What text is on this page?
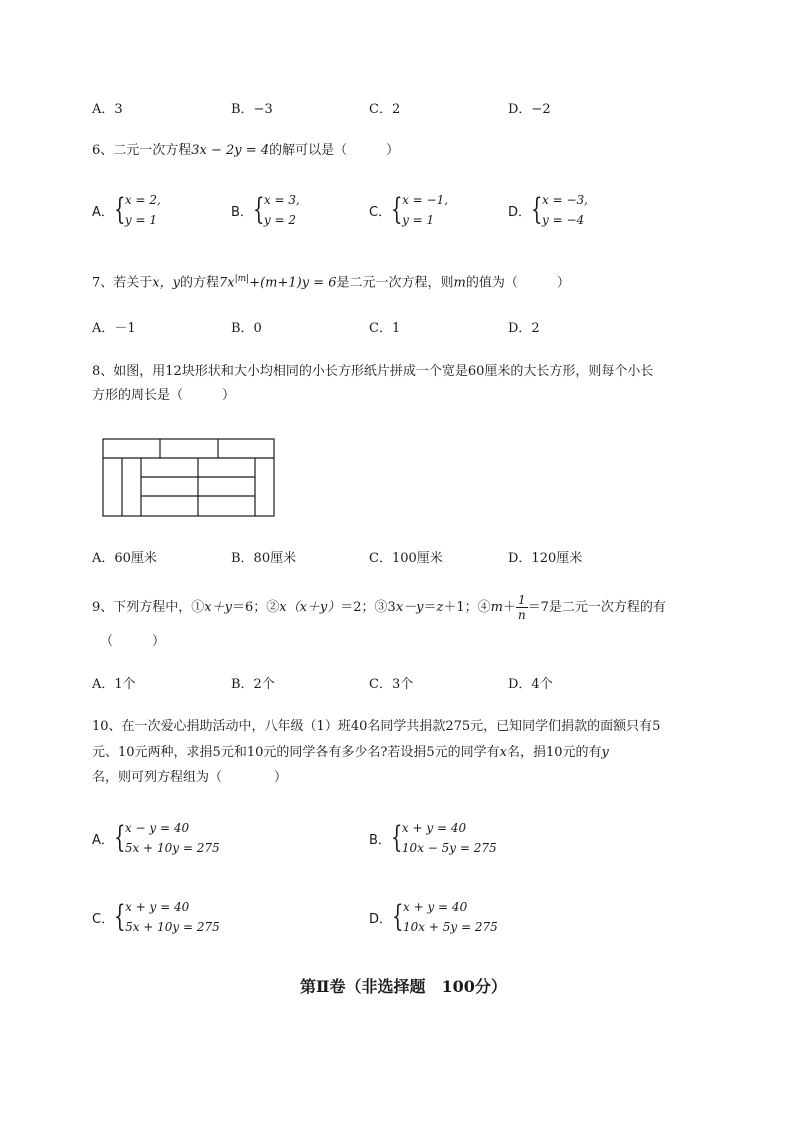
A．3	B．−3	C．2	D．−2
6、二元一次方程3x − 2y = 4的解可以是（　　　）
A． { x = 2,
y = 1
B． { x = 3,
y = 2
C． { x = −1,
y = 1
D． { x = −3,
y = −4
7、若关于x，y的方程$7x^{|m|}+(m+1)y = 6$是二元一次方程，则m的值为（　　　）
A．－1	B．0	C．1	D．2
8、如图，用12块形状和大小均相同的小长方形纸片拼成一个宽是60厘米的大长方形，则每个小长
方形的周长是（　　　）
A．60厘米	B．80厘米	C．100厘米	D．120厘米
9、下列方程中，①x＋y＝6；②x（x＋y）＝2；③3x－y＝z＋1；④m＋ $\frac{1}{n} =7$是二元一次方程的有
（　　　）
A．1个	B．2个	C．3个	D．4个
10、在一次爱心捐助活动中，八年级（1）班40名同学共捐款275元，已知同学们捐款的面额只有5
元、10元两种，求捐5元和10元的同学各有多少名?若设捐5元的同学有x名，捐10元的有y
名，则可列方程组为（　　　　）
A． { x − y = 40
5x + 10y = 275
B． { x + y = 40
10x − 5y = 275
C． { x + y = 40
5x + 10y = 275
D． { x + y = 40
10x + 5y = 275
第Ⅱ卷（非选择题　100分）
